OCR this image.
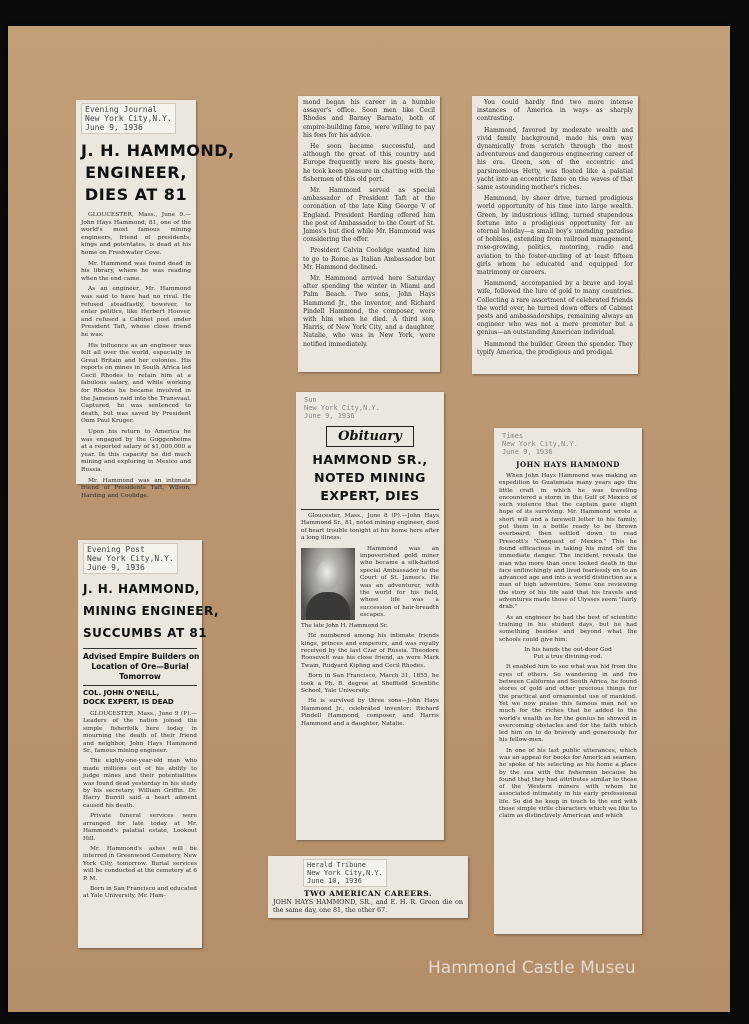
Evening Journal
New York City,N.Y.
June 9, 1936
J. H. HAMMOND,
ENGINEER,
DIES AT 81

GLOUCESTER, Mass., June 9.—John Hays Hammond, 81, one of the world's most famous mining engineers, friend of presidents, kings and potentates, is dead at his home on Freshwater Cove.

Mr. Hammond was found dead in his library, where he was reading when the end came.

As an engineer, Mr. Hammond was said to have had no rival. He refused steadfastly, however, to enter politics, like Herbert Hoover, and refused a Cabinet post under President Taft, whose close friend he was.

His influence as an engineer was felt all over the world, especially in Great Britain and her colonies. His reports on mines in South Africa led Cecil Rhodes to retain him at a fabulous salary, and while working for Rhodes he became involved in the Jameson raid into the Transvaal. Captured, he was sentenced to death, but was saved by President Oom Paul Kruger.

Upon his return to America he was engaged by the Guggenheims at a reported salary of $1,000,000 a year. In this capacity he did much mining and exploring in Mexico and Russia.

Mr. Hammond was an intimate friend of Presidents Taft, Wilson, Harding and Coolidge.

Evening Post
New York City,N.Y.
June 9, 1936
J. H. HAMMOND,
MINING ENGINEER,
SUCCUMBS AT 81
Advised Empire Builders on
Location of Ore—Burial
Tomorrow
COL. JOHN O'NEILL,
DOCK EXPERT, IS DEAD

GLOUCESTER, Mass., June 9 (P).—Leaders of the nation joined the simple fisherfolk here today in mourning the death of their friend and neighbor, John Hays Hammond Sr., famous mining engineer.

The eighty-one-year-old man who made millions out of his ability to judge mines and their potentialities was found dead yesterday in his study by his secretary, William Griffin. Dr. Harry Burrill said a heart ailment caused his death.

Private funeral services were arranged for late today at Mr. Hammond's palatial estate, Lookout Hill.

Mr. Hammond's ashes will be interred in Greenwood Cemetery, New York City, tomorrow. Burial services will be conducted at the cemetery at 6 P. M.

Born in San Francisco and educated at Yale University, Mr. Ham-

mond began his career in a humble assayer's office. Soon men like Cecil Rhodes and Barney Barnato, both of empire-building fame, were willing to pay his fees for his advice.

He soon became successful, and although the great of this country and Europe frequently were his guests here, he took keen pleasure in chatting with the fishermen of this old port.

Mr. Hammond served as special ambassador of President Taft at the coronation of the late King George V of England. President Harding offered him the post of Ambassador to the Court of St. James's but died while Mr. Hammond was considering the offer.

President Calvin Coolidge wanted him to go to Rome as Italian Ambassador but Mr. Hammond declined.

Mr. Hammond arrived here Saturday after spending the winter in Miami and Palm Beach. Two sons, John Hays Hammond Jr., the inventor, and Richard Pindell Hammond, the composer, were with him when he died. A third son, Harris, of New York City, and a daughter, Natalie, who was in New York, were notified immediately.

Sun
New York City,N.Y.
June 9, 1936
Obituary
HAMMOND SR.,
NOTED MINING
EXPERT, DIES

Gloucester, Mass., June 8 (P).—John Hays Hammond Sr., 81, noted mining engineer, died of heart trouble tonight at his home here after a long illness.

Hammond was an impoverished gold miner who became a silk-hatted special Ambassador to the Court of St. James's. He was an adventurer, with the world for his field, whose life was a succession of hair-breadth escapes.

The late John H. Hammond Sr.

He numbered among his intimate friends kings, princes and emperors, and was royally received by the last Czar of Russia. Theodore Roosevelt was his close friend, as were Mark Twain, Rudyard Kipling and Cecil Rhodes.

Born in San Francisco, March 31, 1855, he took a Ph. B. degree at Sheffield Scientific School, Yale University.

He is survived by three sons—John Hays Hammond Jr., celebrated inventor; Richard Pindell Hammond, composer, and Harris Hammond and a daughter, Natalie.

You could hardly find two more intense instances of America in ways as sharply contrasting.

Hammond, favored by moderate wealth and vivid family background, made his own way dynamically from scratch through the most adventurous and dangerous engineering career of his era. Green, son of the eccentric and parsimonious Hetty, was floated like a palatial yacht into an eccentric fame on the waves of that same astounding mother's riches.

Hammond, by sheer drive, turned prodigious world opportunity of his time into large wealth. Green, by industrious idling, turned stupendous fortune into a prodigious opportunity for an eternal holiday—a small boy's unending paradise of hobbies, extending from railroad management, rose-growing, politics, motoring, radio and aviation to the foster-uncling of at least fifteen girls whom he educated and equipped for matrimony or careers.

Hammond, accompanied by a brave and loyal wife, followed the lure of gold to many countries. Collecting a rare assortment of celebrated friends the world over, he turned down offers of Cabinet posts and ambassadorships, remaining always an engineer who was not a mere promoter but a genius—an outstanding American individual.

Hammond the builder. Green the spender. They typify America, the prodigious and prodigal.

Times
New York City,N.Y.
June 9, 1936
JOHN HAYS HAMMOND

When John Hays Hammond was making an expedition to Guatemala many years ago the little craft in which he was traveling encountered a storm in the Gulf of Mexico of such violence that the captain gave slight hope of its surviving. Mr. Hammond wrote a short will and a farewell letter to his family, put them in a bottle ready to be thrown overboard, then settled down to read Prescott's "Conquest of Mexico." This he found efficacious in taking his mind off the immediate danger. The incident reveals the man who more than once looked death in the face unflinchingly and lived fearlessly on to an advanced age and into a world distinction as a man of high adventure. Some one reviewing the story of his life said that his travels and adventures made those of Ulysses seem "fairly drab."

As an engineer he had the best of scientific training in his student days, but he had something besides and beyond what the schools could give him:

In his hands the out-door God
Put a true divining-rod.

It enabled him to see what was hid from the eyes of others. So wandering in and fro between California and South Africa, he found stores of gold and other precious things for the practical and ornamental use of mankind. Yet we now praise this famous man not so much for the riches that he added to the world's wealth as for the genius he showed in overcoming obstacles and for the faith which led him on to do bravely and generously for his fellow-men.

In one of his last public utterances, which was an appeal for books for American seamen, he spoke of his selecting as his home a place by the sea with the fishermen because he found that they had attributes similar to those of the Western miners with whom he associated intimately in his early professional life. So did he keep in touch to the end with those simple virile characters which we like to claim as distinctively American and which

Herald Tribune
New York City,N.Y.
June 10, 1936
TWO AMERICAN CAREERS.
JOHN HAYS HAMMOND, SR., and E. H. R. Green die on the same day, one 81, the other 67.
Hammond Castle Museu
